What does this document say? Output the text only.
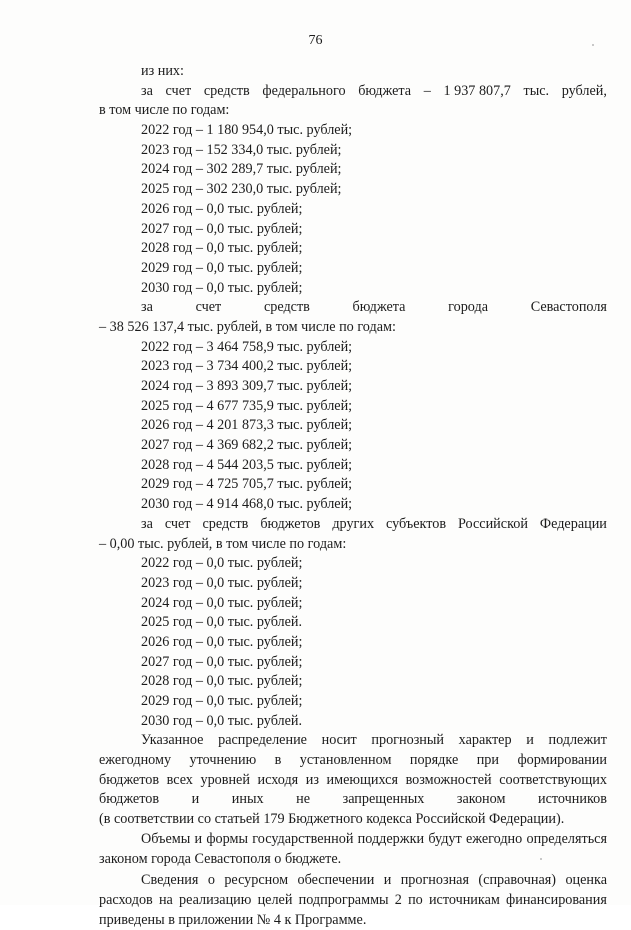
76
из них:
за счет средств федерального бюджета – 1 937 807,7 тыс. рублей,
в том числе по годам:
2022 год – 1 180 954,0 тыс. рублей;
2023 год – 152 334,0 тыс. рублей;
2024 год – 302 289,7 тыс. рублей;
2025 год – 302 230,0 тыс. рублей;
2026 год – 0,0 тыс. рублей;
2027 год – 0,0 тыс. рублей;
2028 год – 0,0 тыс. рублей;
2029 год – 0,0 тыс. рублей;
2030 год – 0,0 тыс. рублей;
за	счет	средств	бюджета	города	Севастополя
– 38 526 137,4 тыс. рублей, в том числе по годам:
2022 год – 3 464 758,9 тыс. рублей;
2023 год – 3 734 400,2 тыс. рублей;
2024 год – 3 893 309,7 тыс. рублей;
2025 год – 4 677 735,9 тыс. рублей;
2026 год – 4 201 873,3 тыс. рублей;
2027 год – 4 369 682,2 тыс. рублей;
2028 год – 4 544 203,5 тыс. рублей;
2029 год – 4 725 705,7 тыс. рублей;
2030 год – 4 914 468,0 тыс. рублей;
за счет средств бюджетов других субъектов Российской Федерации
– 0,00 тыс. рублей, в том числе по годам:
2022 год – 0,0 тыс. рублей;
2023 год – 0,0 тыс. рублей;
2024 год – 0,0 тыс. рублей;
2025 год – 0,0 тыс. рублей.
2026 год – 0,0 тыс. рублей;
2027 год – 0,0 тыс. рублей;
2028 год – 0,0 тыс. рублей;
2029 год – 0,0 тыс. рублей;
2030 год – 0,0 тыс. рублей.
Указанное распределение носит прогнозный характер и подлежит
ежегодному уточнению в установленном порядке при формировании
бюджетов всех уровней исходя из имеющихся возможностей соответствующих
бюджетов и иных не запрещенных законом источников
(в соответствии со статьей 179 Бюджетного кодекса Российской Федерации).
Объемы и формы государственной поддержки будут ежегодно определяться
законом города Севастополя о бюджете.
Сведения о ресурсном обеспечении и прогнозная (справочная) оценка
расходов на реализацию целей подпрограммы 2 по источникам финансирования
приведены в приложении № 4 к Программе.
